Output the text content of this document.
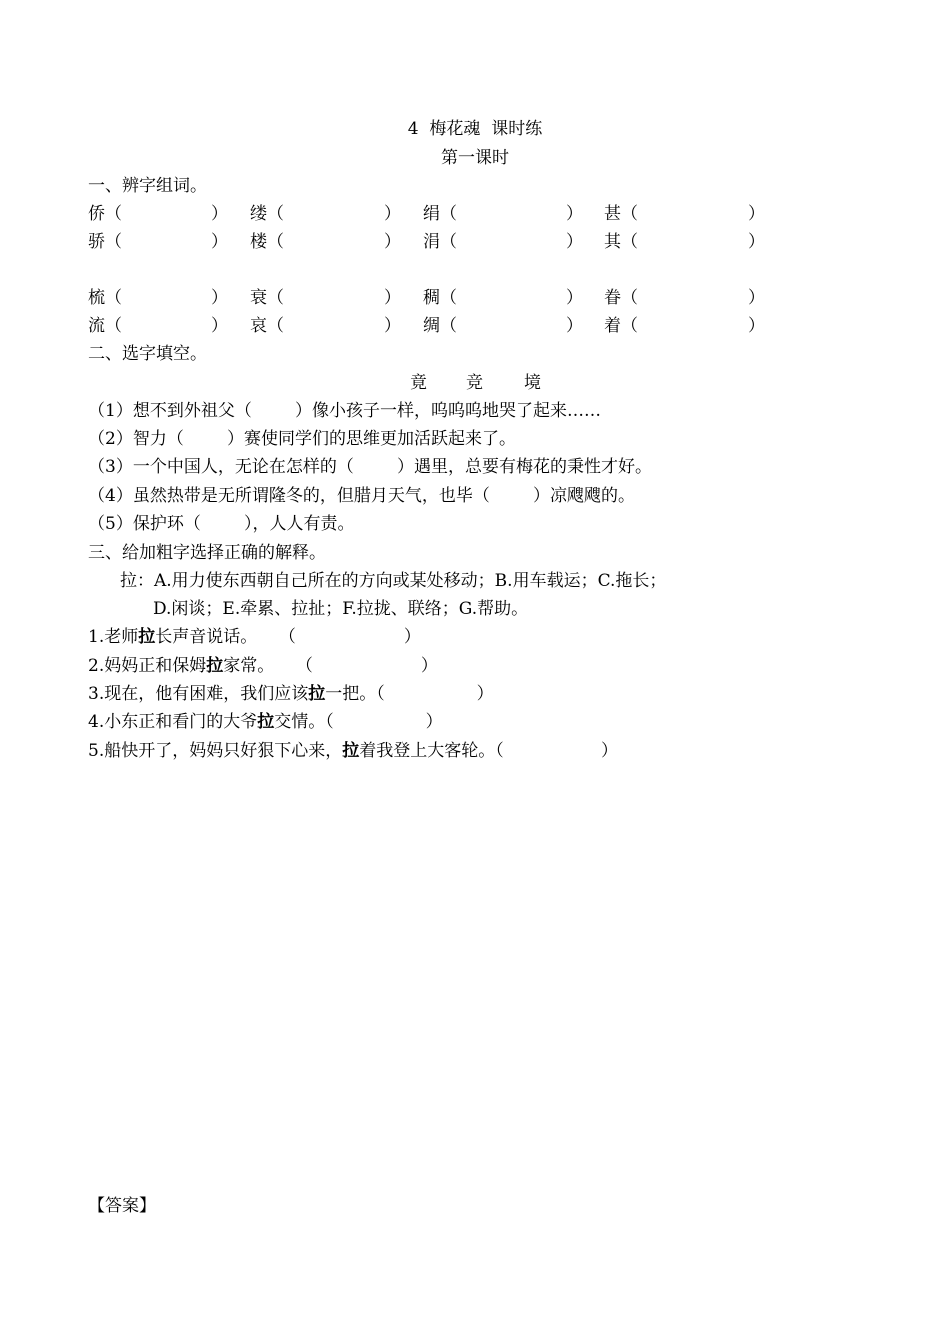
4  梅花魂  课时练
第一课时
一、辨字组词。
侨（	） 缕（	） 绢（	） 甚（	）
骄（	） 楼（	） 涓（	） 其（	）
梳（	） 衰（	） 稠（	） 眷（	）
流（	） 哀（	） 绸（	） 着（	）
二、选字填空。
竟 竞 境
（1）想不到外祖父（        ）像小孩子一样，呜呜呜地哭了起来……
（2）智力（        ）赛使同学们的思维更加活跃起来了。
（3）一个中国人，无论在怎样的（        ）遇里，总要有梅花的秉性才好。
（4）虽然热带是无所谓隆冬的，但腊月天气，也毕（        ）凉飕飕的。
（5）保护环（        ），人人有责。
三、给加粗字选择正确的解释。
拉：A.用力使东西朝自己所在的方向或某处移动；B.用车载运；C.拖长；
D.闲谈；E.牵累、拉扯；F.拉拢、联络；G.帮助。
1.老师拉长声音说话。    （                    ）
2.妈妈正和保姆拉家常。    （                    ）
3.现在，他有困难，我们应该拉一把。（                 ）
4.小东正和看门的大爷拉交情。（                 ）
5.船快开了，妈妈只好狠下心来，拉着我登上大客轮。（                  ）
【答案】
